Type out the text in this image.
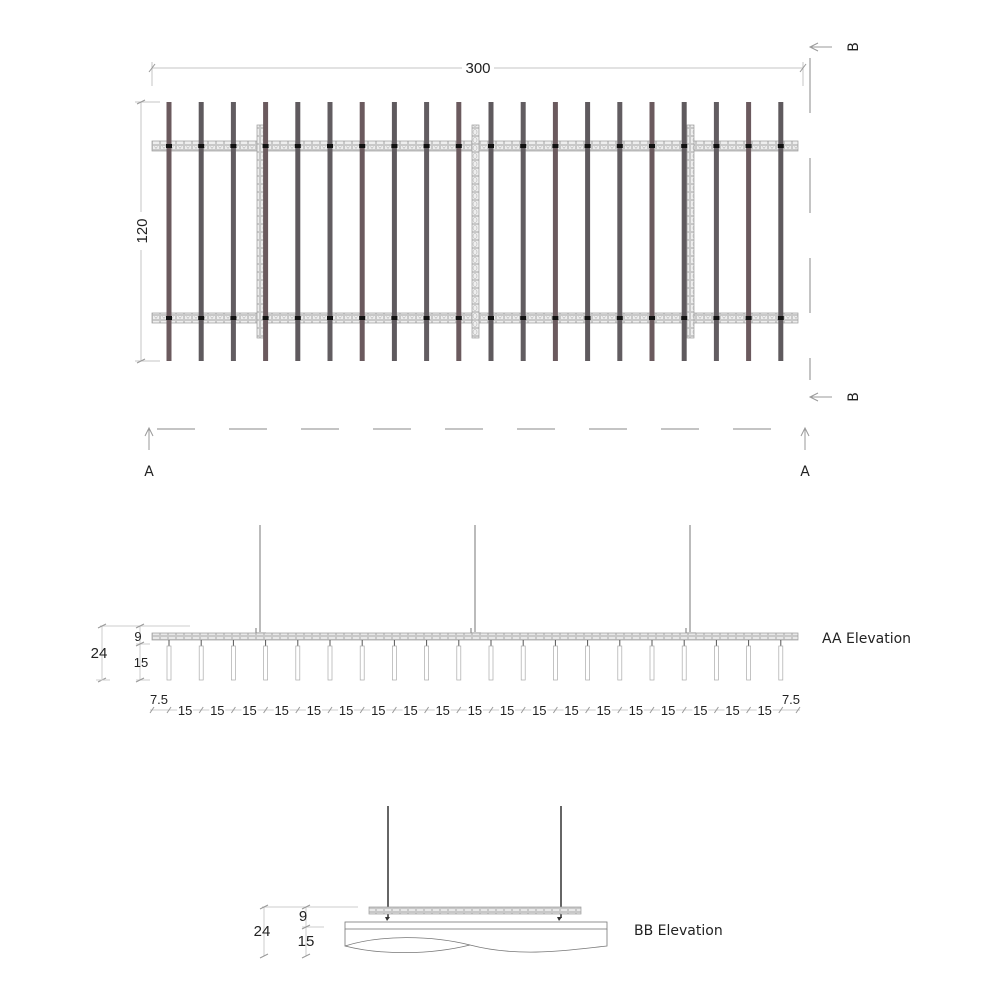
300
120
B
B
A	A
24
9
15
7.5
15 15 15 15 15 15 15 15 15 15 15 15 15 15 15 15 15 15 15
7.5
AA Elevation
24
9
15
BB Elevation
